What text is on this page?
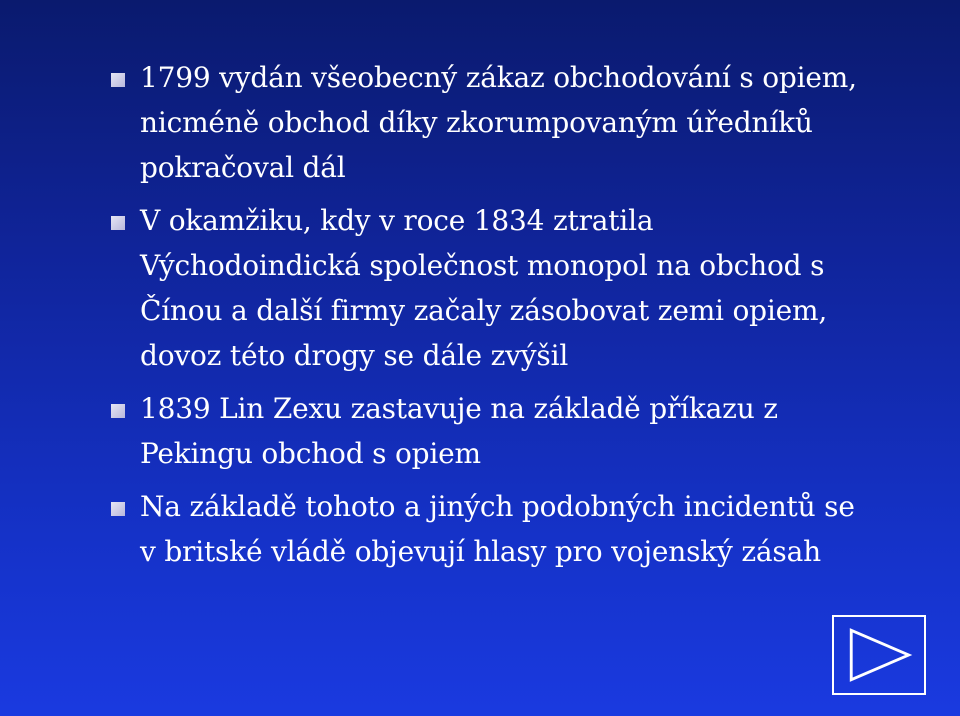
1799 vydán všeobecný zákaz obchodování s opiem,
nicméně obchod díky zkorumpovaným úředníků
pokračoval dál
V okamžiku, kdy v roce 1834 ztratila
Východoindická společnost monopol na obchod s
Čínou a další firmy začaly zásobovat zemi opiem,
dovoz této drogy se dále zvýšil
1839 Lin Zexu zastavuje na základě příkazu z
Pekingu obchod s opiem
Na základě tohoto a jiných podobných incidentů se
v britské vládě objevují hlasy pro vojenský zásah
